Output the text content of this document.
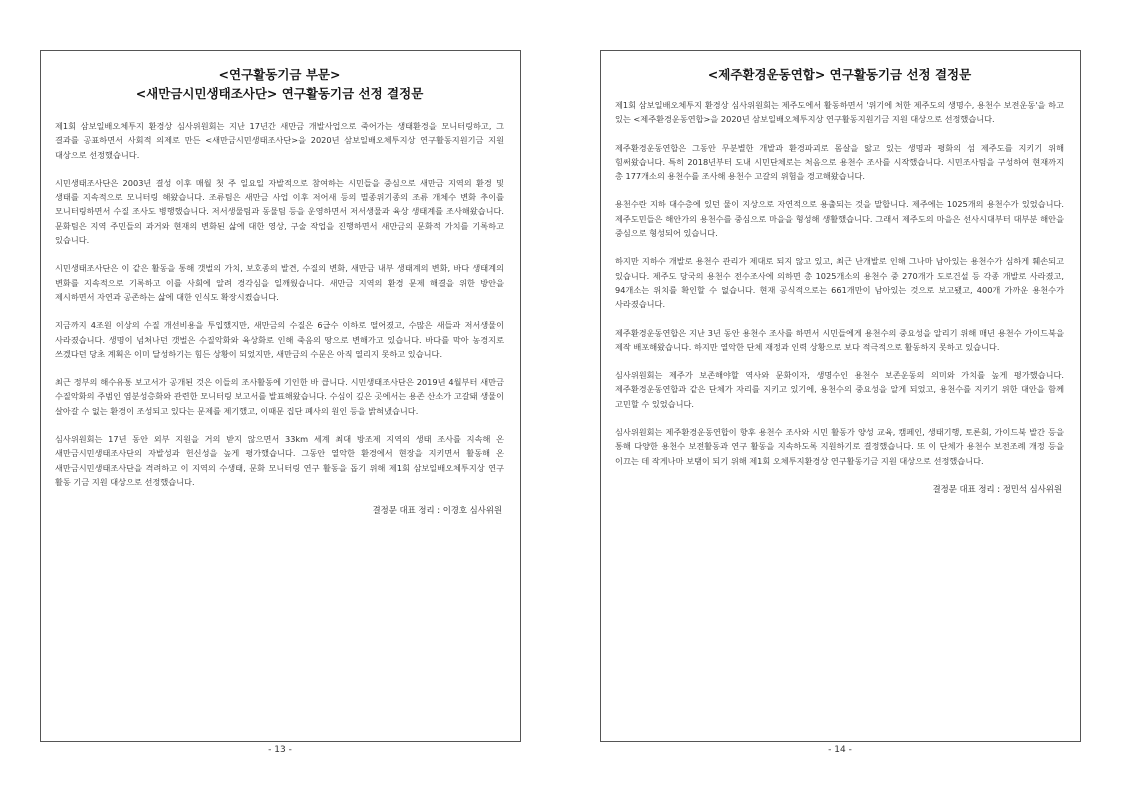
<연구활동기금 부문>
<새만금시민생태조사단> 연구활동기금 선정 결정문

제1회 삼보일배오체투지 환경상 심사위원회는 지난 17년간 새만금 개발사업으로 죽어가는 생태환경을 모니터링하고, 그 결과를 공표하면서 사회적 의제로 만든 <새만금시민생태조사단>을 2020년 삼보일배오체투지상 연구활동지원기금 지원 대상으로 선정했습니다.

시민생태조사단은 2003년 결성 이후 매월 첫 주 일요일 자발적으로 참여하는 시민들을 중심으로 새만금 지역의 환경 및 생태를 지속적으로 모니터링 해왔습니다. 조류팀은 새만금 사업 이후 저어새 등의 멸종위기종의 조류 개체수 변화 추이를 모니터링하면서 수질 조사도 병행했습니다. 저서생물팀과 동물팀 등을 운영하면서 저서생물과 육상 생태계를 조사해왔습니다. 문화팀은 지역 주민들의 과거와 현재의 변화된 삶에 대한 영상, 구술 작업을 진행하면서 새만금의 문화적 가치를 기록하고 있습니다.

시민생태조사단은 이 같은 활동을 통해 갯벌의 가치, 보호종의 발견, 수질의 변화, 새만금 내부 생태계의 변화, 바다 생태계의 변화를 지속적으로 기록하고 이를 사회에 알려 경각심을 일깨웠습니다. 새만금 지역의 환경 문제 해결을 위한 방안을 제시하면서 자연과 공존하는 삶에 대한 인식도 확장시켰습니다.

지금까지 4조원 이상의 수질 개선비용을 투입했지만, 새만금의 수질은 6급수 이하로 떨어졌고, 수많은 새들과 저서생물이 사라졌습니다. 생명이 넘쳐나던 갯벌은 수질악화와 육상화로 인해 죽음의 땅으로 변해가고 있습니다. 바다를 막아 농경지로 쓰겠다던 당초 계획은 이미 달성하기는 힘든 상황이 되었지만, 새만금의 수문은 아직 열리지 못하고 있습니다.

최근 정부의 해수유통 보고서가 공개된 것은 이들의 조사활동에 기인한 바 큽니다. 시민생태조사단은 2019년 4월부터 새만금 수질악화의 주범인 염분성층화와 관련한 모니터링 보고서를 발표해왔습니다. 수심이 깊은 곳에서는 용존 산소가 고갈돼 생물이 살아갈 수 없는 환경이 조성되고 있다는 문제를 제기했고, 이때문 집단 폐사의 원인 등을 밝혀냈습니다.

심사위원회는 17년 동안 외부 지원을 거의 받지 않으면서 33km 세계 최대 방조제 지역의 생태 조사를 지속해 온 새만금시민생태조사단의 자발성과 헌신성을 높게 평가했습니다. 그동안 열악한 환경에서 현장을 지키면서 활동해 온 새만금시민생태조사단을 격려하고 이 지역의 수생태, 문화 모니터링 연구 활동을 돕기 위해 제1회 삼보일배오체투지상 연구 활동 기금 지원 대상으로 선정했습니다.

결정문 대표 정리 : 이경호 심사위원
<제주환경운동연합> 연구활동기금 선정 결정문

제1회 삼보일배오체투지 환경상 심사위원회는 제주도에서 활동하면서 '위기에 처한 제주도의 생명수, 용천수 보전운동'을 하고 있는 <제주환경운동연합>을 2020년 삼보일배오체투지상 연구활동지원기금 지원 대상으로 선정했습니다.

제주환경운동연합은 그동안 무분별한 개발과 환경파괴로 몸살을 앓고 있는 생명과 평화의 섬 제주도를 지키기 위해 힘써왔습니다. 특히 2018년부터 도내 시민단체로는 처음으로 용천수 조사를 시작했습니다. 시민조사팀을 구성하여 현재까지 총 177개소의 용천수를 조사해 용천수 고갈의 위험을 경고해왔습니다.

용천수란 지하 대수층에 있던 물이 지상으로 자연적으로 용출되는 것을 말합니다. 제주에는 1025개의 용천수가 있었습니다. 제주도민들은 해안가의 용천수를 중심으로 마을을 형성해 생활했습니다. 그래서 제주도의 마을은 선사시대부터 대부분 해안을 중심으로 형성되어 있습니다.

하지만 지하수 개발로 용천수 관리가 제대로 되지 않고 있고, 최근 난개발로 인해 그나마 남아있는 용천수가 심하게 훼손되고 있습니다. 제주도 당국의 용천수 전수조사에 의하면 총 1025개소의 용천수 중 270개가 도로건설 등 각종 개발로 사라졌고, 94개소는 위치를 확인할 수 없습니다. 현재 공식적으로는 661개만이 남아있는 것으로 보고됐고, 400개 가까운 용천수가 사라졌습니다.

제주환경운동연합은 지난 3년 동안 용천수 조사를 하면서 시민들에게 용천수의 중요성을 알리기 위해 매년 용천수 가이드북을 제작 배포해왔습니다. 하지만 열악한 단체 재정과 인력 상황으로 보다 적극적으로 활동하지 못하고 있습니다.

심사위원회는 제주가 보존해야할 역사와 문화이자, 생명수인 용천수 보존운동의 의미와 가치를 높게 평가했습니다. 제주환경운동연합과 같은 단체가 자리를 지키고 있기에, 용천수의 중요성을 알게 되었고, 용천수를 지키기 위한 대안을 함께 고민할 수 있었습니다.

심사위원회는 제주환경운동연합이 향후 용천수 조사와 시민 활동가 양성 교육, 캠페인, 생태기행, 토론회, 가이드북 발간 등을 통해 다양한 용천수 보전활동과 연구 활동을 지속하도록 지원하기로 결정했습니다. 또 이 단체가 용천수 보전조례 개정 등을 이끄는 데 작게나마 보탬이 되기 위해 제1회 오체투지환경상 연구활동기금 지원 대상으로 선정했습니다.

결정문 대표 정리 : 정민석 심사위원
- 13 -	- 14 -
